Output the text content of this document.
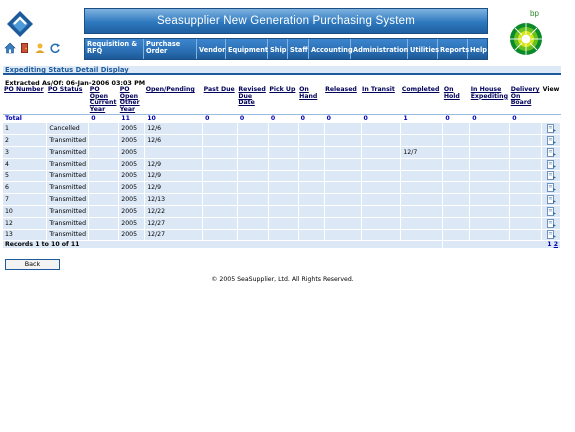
Seasupplier New Generation Purchasing System
Requisition & RFQ
Purchase Order	Vendor Equipment Ship Staff Accounting Administration Utilities Reports Help
bp
Expediting Status Detail Display
Extracted As/Of: 06-Jan-2006 03:03 PM
PO Number	PO Status	PO Open Current Year	PO Open Other Year	Open/Pending	Past Due	Revised Due Date	Pick Up	On Hand	Released	In Transit	Completed	On Hold	In House Expediting	Delivery On Board	View
Total		0	11	10	0	0	0	0	0	0	1	0	0	0	
1	Cancelled		2005	12/6											
2	Transmitted		2005	12/6											
3	Transmitted		2005								12/7				
4	Transmitted		2005	12/9											
5	Transmitted		2005	12/9											
6	Transmitted		2005	12/9											
7	Transmitted		2005	12/13											
10	Transmitted		2005	12/22											
12	Transmitted		2005	12/27											
13	Transmitted		2005	12/27											
Records 1 to 10 of 11												1 2			
Back
© 2005 SeaSupplier, Ltd. All Rights Reserved.
